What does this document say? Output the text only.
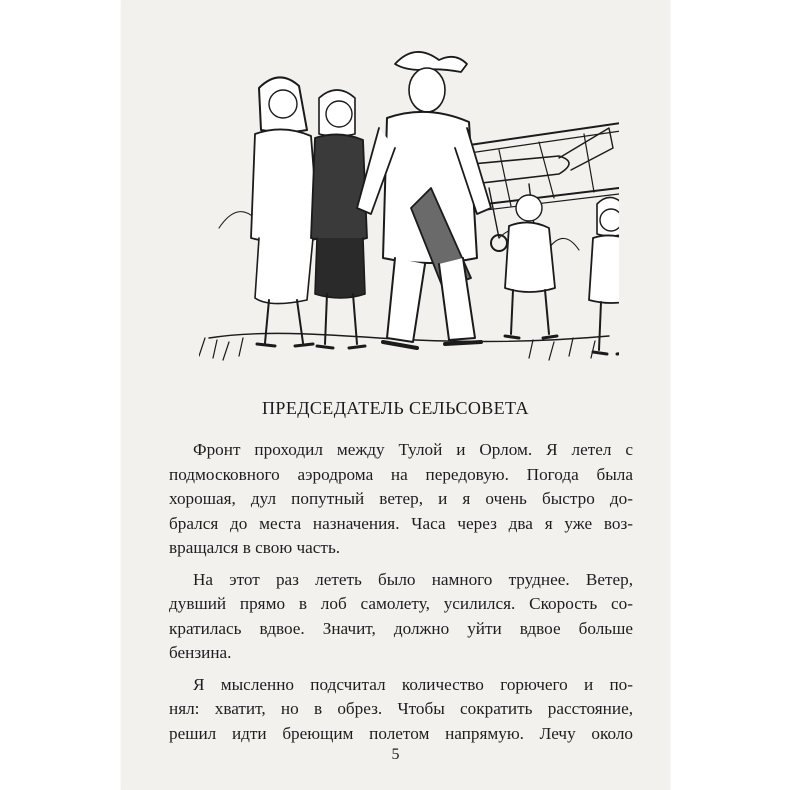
ПРЕДСЕДАТЕЛЬ СЕЛЬСОВЕТА

Фронт проходил между Тулой и Орлом. Я летел с
подмосковного аэродрома на передовую. Погода была
хорошая, дул попутный ветер, и я очень быстро до-
брался до места назначения. Часа через два я уже воз-
вращался в свою часть.

На этот раз лететь было намного труднее. Ветер,
дувший прямо в лоб самолету, усилился. Скорость со-
кратилась вдвое. Значит, должно уйти вдвое больше
бензина.

Я мысленно подсчитал количество горючего и по-
нял: хватит, но в обрез. Чтобы сократить расстояние,
решил идти бреющим полетом напрямую. Лечу около

5
